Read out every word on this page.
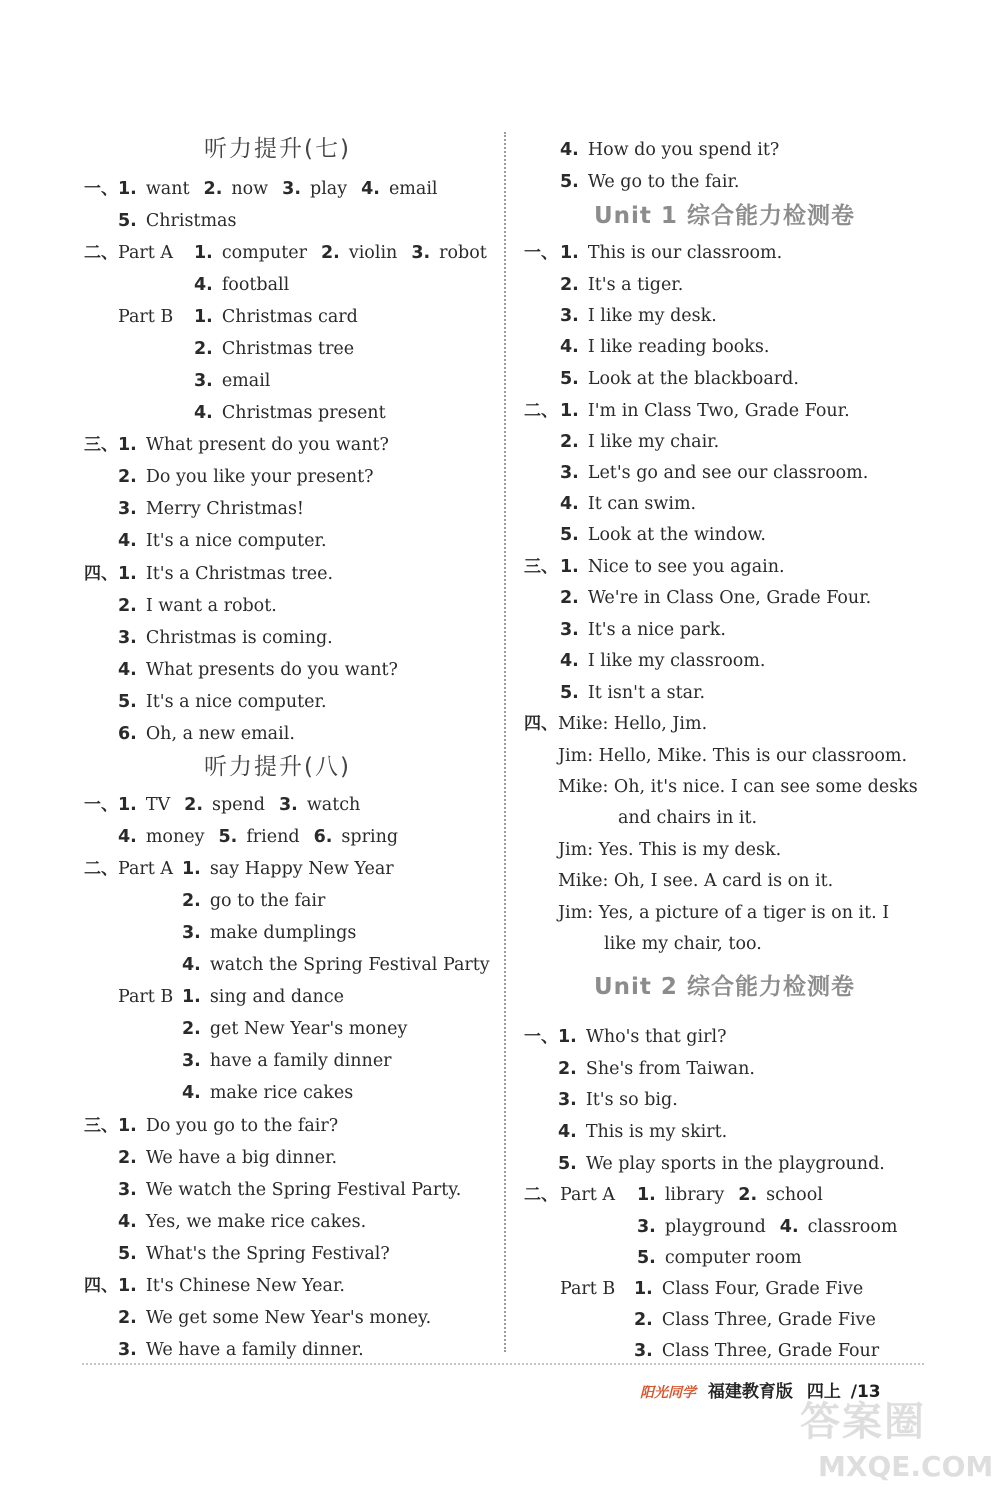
听力提升(七)
听力提升(八)
一、 1. want 2. now 3. play 4. email
5. Christmas
二、 Part A 1. computer 2. violin 3. robot
4. football
Part B 1. Christmas card
2. Christmas tree
3. email
4. Christmas present
三、 1. What present do you want?
2. Do you like your present?
3. Merry Christmas!
4. It's a nice computer.
四、 1. It's a Christmas tree.
2. I want a robot.
3. Christmas is coming.
4. What presents do you want?
5. It's a nice computer.
6. Oh, a new email.
一、 1. TV 2. spend 3. watch
4. money 5. friend 6. spring
二、 Part A 1. say Happy New Year
2. go to the fair
3. make dumplings
4. watch the Spring Festival Party
Part B 1. sing and dance
2. get New Year's money
3. have a family dinner
4. make rice cakes
三、 1. Do you go to the fair?
2. We have a big dinner.
3. We watch the Spring Festival Party.
4. Yes, we make rice cakes.
5. What's the Spring Festival?
四、 1. It's Chinese New Year.
2. We get some New Year's money.
3. We have a family dinner.
Unit 1 综合能力检测卷
Unit 2 综合能力检测卷
4. How do you spend it?
5. We go to the fair.
一、 1. This is our classroom.
2. It's a tiger.
3. I like my desk.
4. I like reading books.
5. Look at the blackboard.
二、 1. I'm in Class Two, Grade Four.
2. I like my chair.
3. Let's go and see our classroom.
4. It can swim.
5. Look at the window.
三、 1. Nice to see you again.
2. We're in Class One, Grade Four.
3. It's a nice park.
4. I like my classroom.
5. It isn't a star.
四、 Mike: Hello, Jim.
Jim: Hello, Mike. This is our classroom.
Mike: Oh, it's nice. I can see some desks
and chairs in it.
Jim: Yes. This is my desk.
Mike: Oh, I see. A card is on it.
Jim: Yes, a picture of a tiger is on it. I
like my chair, too.
一、 1. Who's that girl?
2. She's from Taiwan.
3. It's so big.
4. This is my skirt.
5. We play sports in the playground.
二、 Part A 1. library 2. school
3. playground 4. classroom
5. computer room
Part B 1. Class Four, Grade Five
2. Class Three, Grade Five
3. Class Three, Grade Four
阳光同学 福建教育版 四上 /13
答案圈
MXQE.COM
